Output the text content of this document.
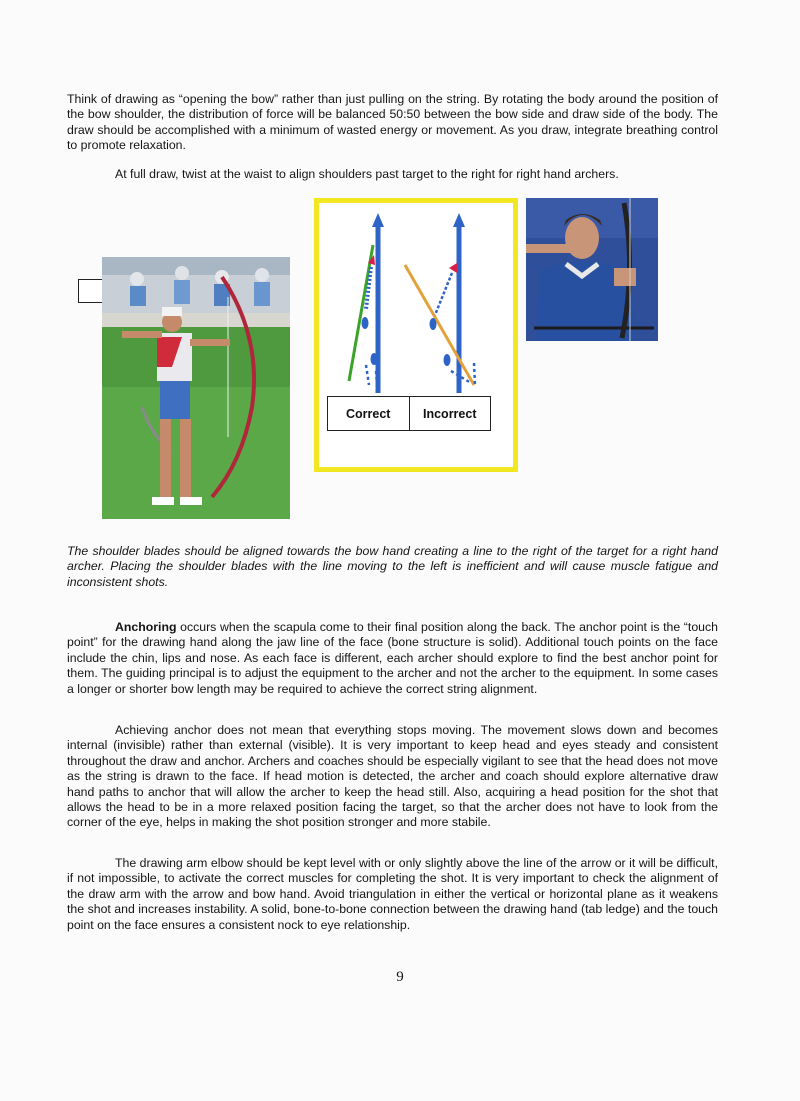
Think of drawing as “opening the bow” rather than just pulling on the string. By rotating the body around the position of the bow shoulder, the distribution of force will be balanced 50:50 between the bow side and draw side of the body. The draw should be accomplished with a minimum of wasted energy or movement. As you draw, integrate breathing control to promote relaxation.

At full draw, twist at the waist to align shoulders past target to the right for right hand archers.

Correct	Incorrect

The shoulder blades should be aligned towards the bow hand creating a line to the right of the target for a right hand archer. Placing the shoulder blades with the line moving to the left is inefficient and will cause muscle fatigue and inconsistent shots.

Anchoring occurs when the scapula come to their final position along the back. The anchor point is the “touch point” for the drawing hand along the jaw line of the face (bone structure is solid). Additional touch points on the face include the chin, lips and nose. As each face is different, each archer should explore to find the best anchor point for them. The guiding principal is to adjust the equipment to the archer and not the archer to the equipment. In some cases a longer or shorter bow length may be required to achieve the correct string alignment.

Achieving anchor does not mean that everything stops moving. The movement slows down and becomes internal (invisible) rather than external (visible). It is very important to keep head and eyes steady and consistent throughout the draw and anchor. Archers and coaches should be especially vigilant to see that the head does not move as the string is drawn to the face. If head motion is detected, the archer and coach should explore alternative draw hand paths to anchor that will allow the archer to keep the head still. Also, acquiring a head position for the shot that allows the head to be in a more relaxed position facing the target, so that the archer does not have to look from the corner of the eye, helps in making the shot position stronger and more stabile.

The drawing arm elbow should be kept level with or only slightly above the line of the arrow or it will be difficult, if not impossible, to activate the correct muscles for completing the shot. It is very important to check the alignment of the draw arm with the arrow and bow hand. Avoid triangulation in either the vertical or horizontal plane as it weakens the shot and increases instability. A solid, bone-to-bone connection between the drawing hand (tab ledge) and the touch point on the face ensures a consistent nock to eye relationship.

9
